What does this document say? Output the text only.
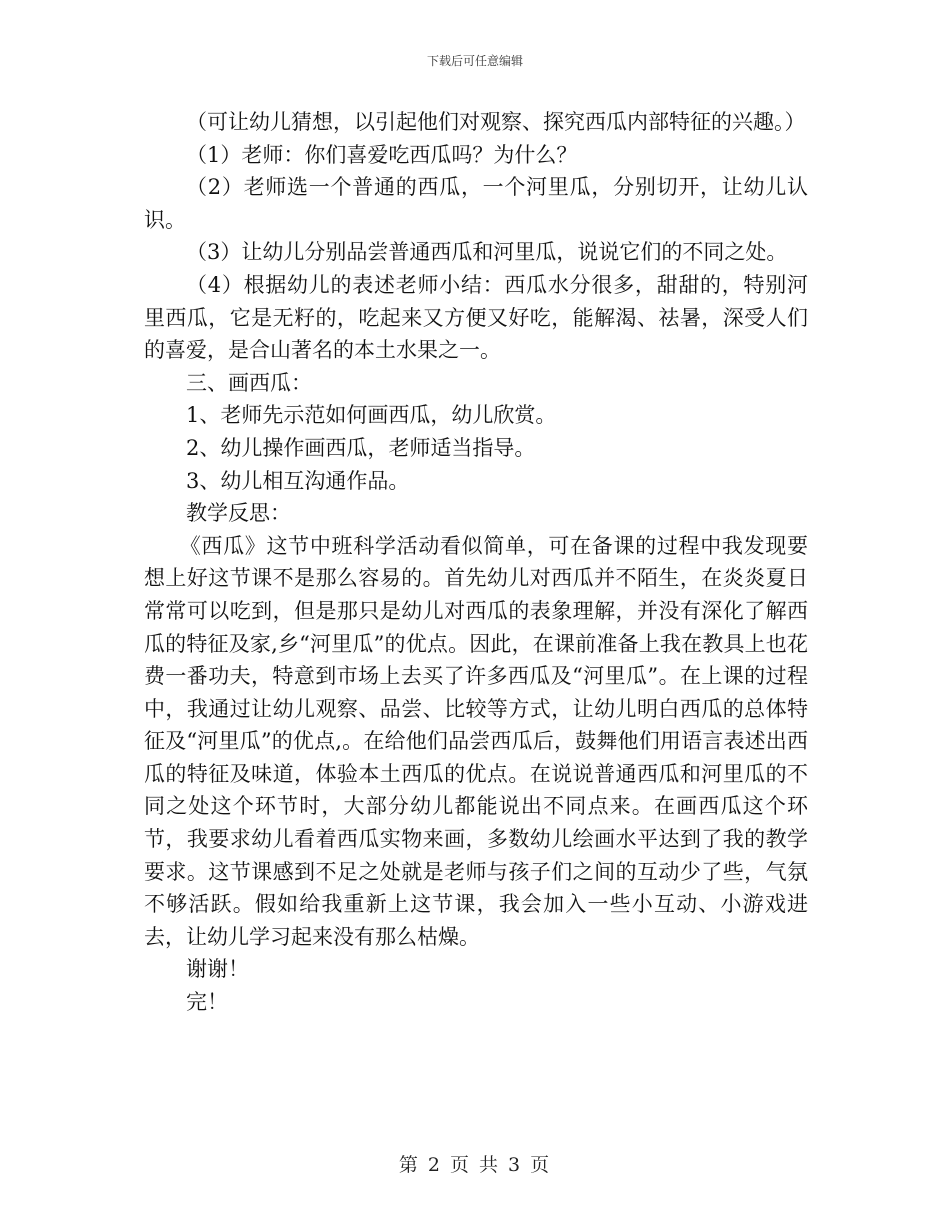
下载后可任意编辑

（可让幼儿猜想，以引起他们对观察、探究西瓜内部特征的兴趣。）

（1）老师：你们喜爱吃西瓜吗？为什么？

（2）老师选一个普通的西瓜，一个河里瓜，分别切开，让幼儿认识。

（3）让幼儿分别品尝普通西瓜和河里瓜，说说它们的不同之处。

（4）根据幼儿的表述老师小结：西瓜水分很多，甜甜的，特别河里西瓜，它是无籽的，吃起来又方便又好吃，能解渴、祛暑，深受人们的喜爱，是合山著名的本土水果之一。

三、画西瓜：

1、老师先示范如何画西瓜，幼儿欣赏。

2、幼儿操作画西瓜，老师适当指导。

3、幼儿相互沟通作品。

教学反思：

《西瓜》这节中班科学活动看似简单，可在备课的过程中我发现要想上好这节课不是那么容易的。首先幼儿对西瓜并不陌生，在炎炎夏日常常可以吃到，但是那只是幼儿对西瓜的表象理解，并没有深化了解西瓜的特征及家,乡“河里瓜”的优点。因此，在课前准备上我在教具上也花费一番功夫，特意到市场上去买了许多西瓜及“河里瓜”。在上课的过程中，我通过让幼儿观察、品尝、比较等方式，让幼儿明白西瓜的总体特征及“河里瓜”的优点,。在给他们品尝西瓜后，鼓舞他们用语言表述出西瓜的特征及味道，体验本土西瓜的优点。在说说普通西瓜和河里瓜的不同之处这个环节时，大部分幼儿都能说出不同点来。在画西瓜这个环节，我要求幼儿看着西瓜实物来画，多数幼儿绘画水平达到了我的教学要求。这节课感到不足之处就是老师与孩子们之间的互动少了些，气氛不够活跃。假如给我重新上这节课，我会加入一些小互动、小游戏进去，让幼儿学习起来没有那么枯燥。

谢谢！

完！

第 2 页 共 3 页
